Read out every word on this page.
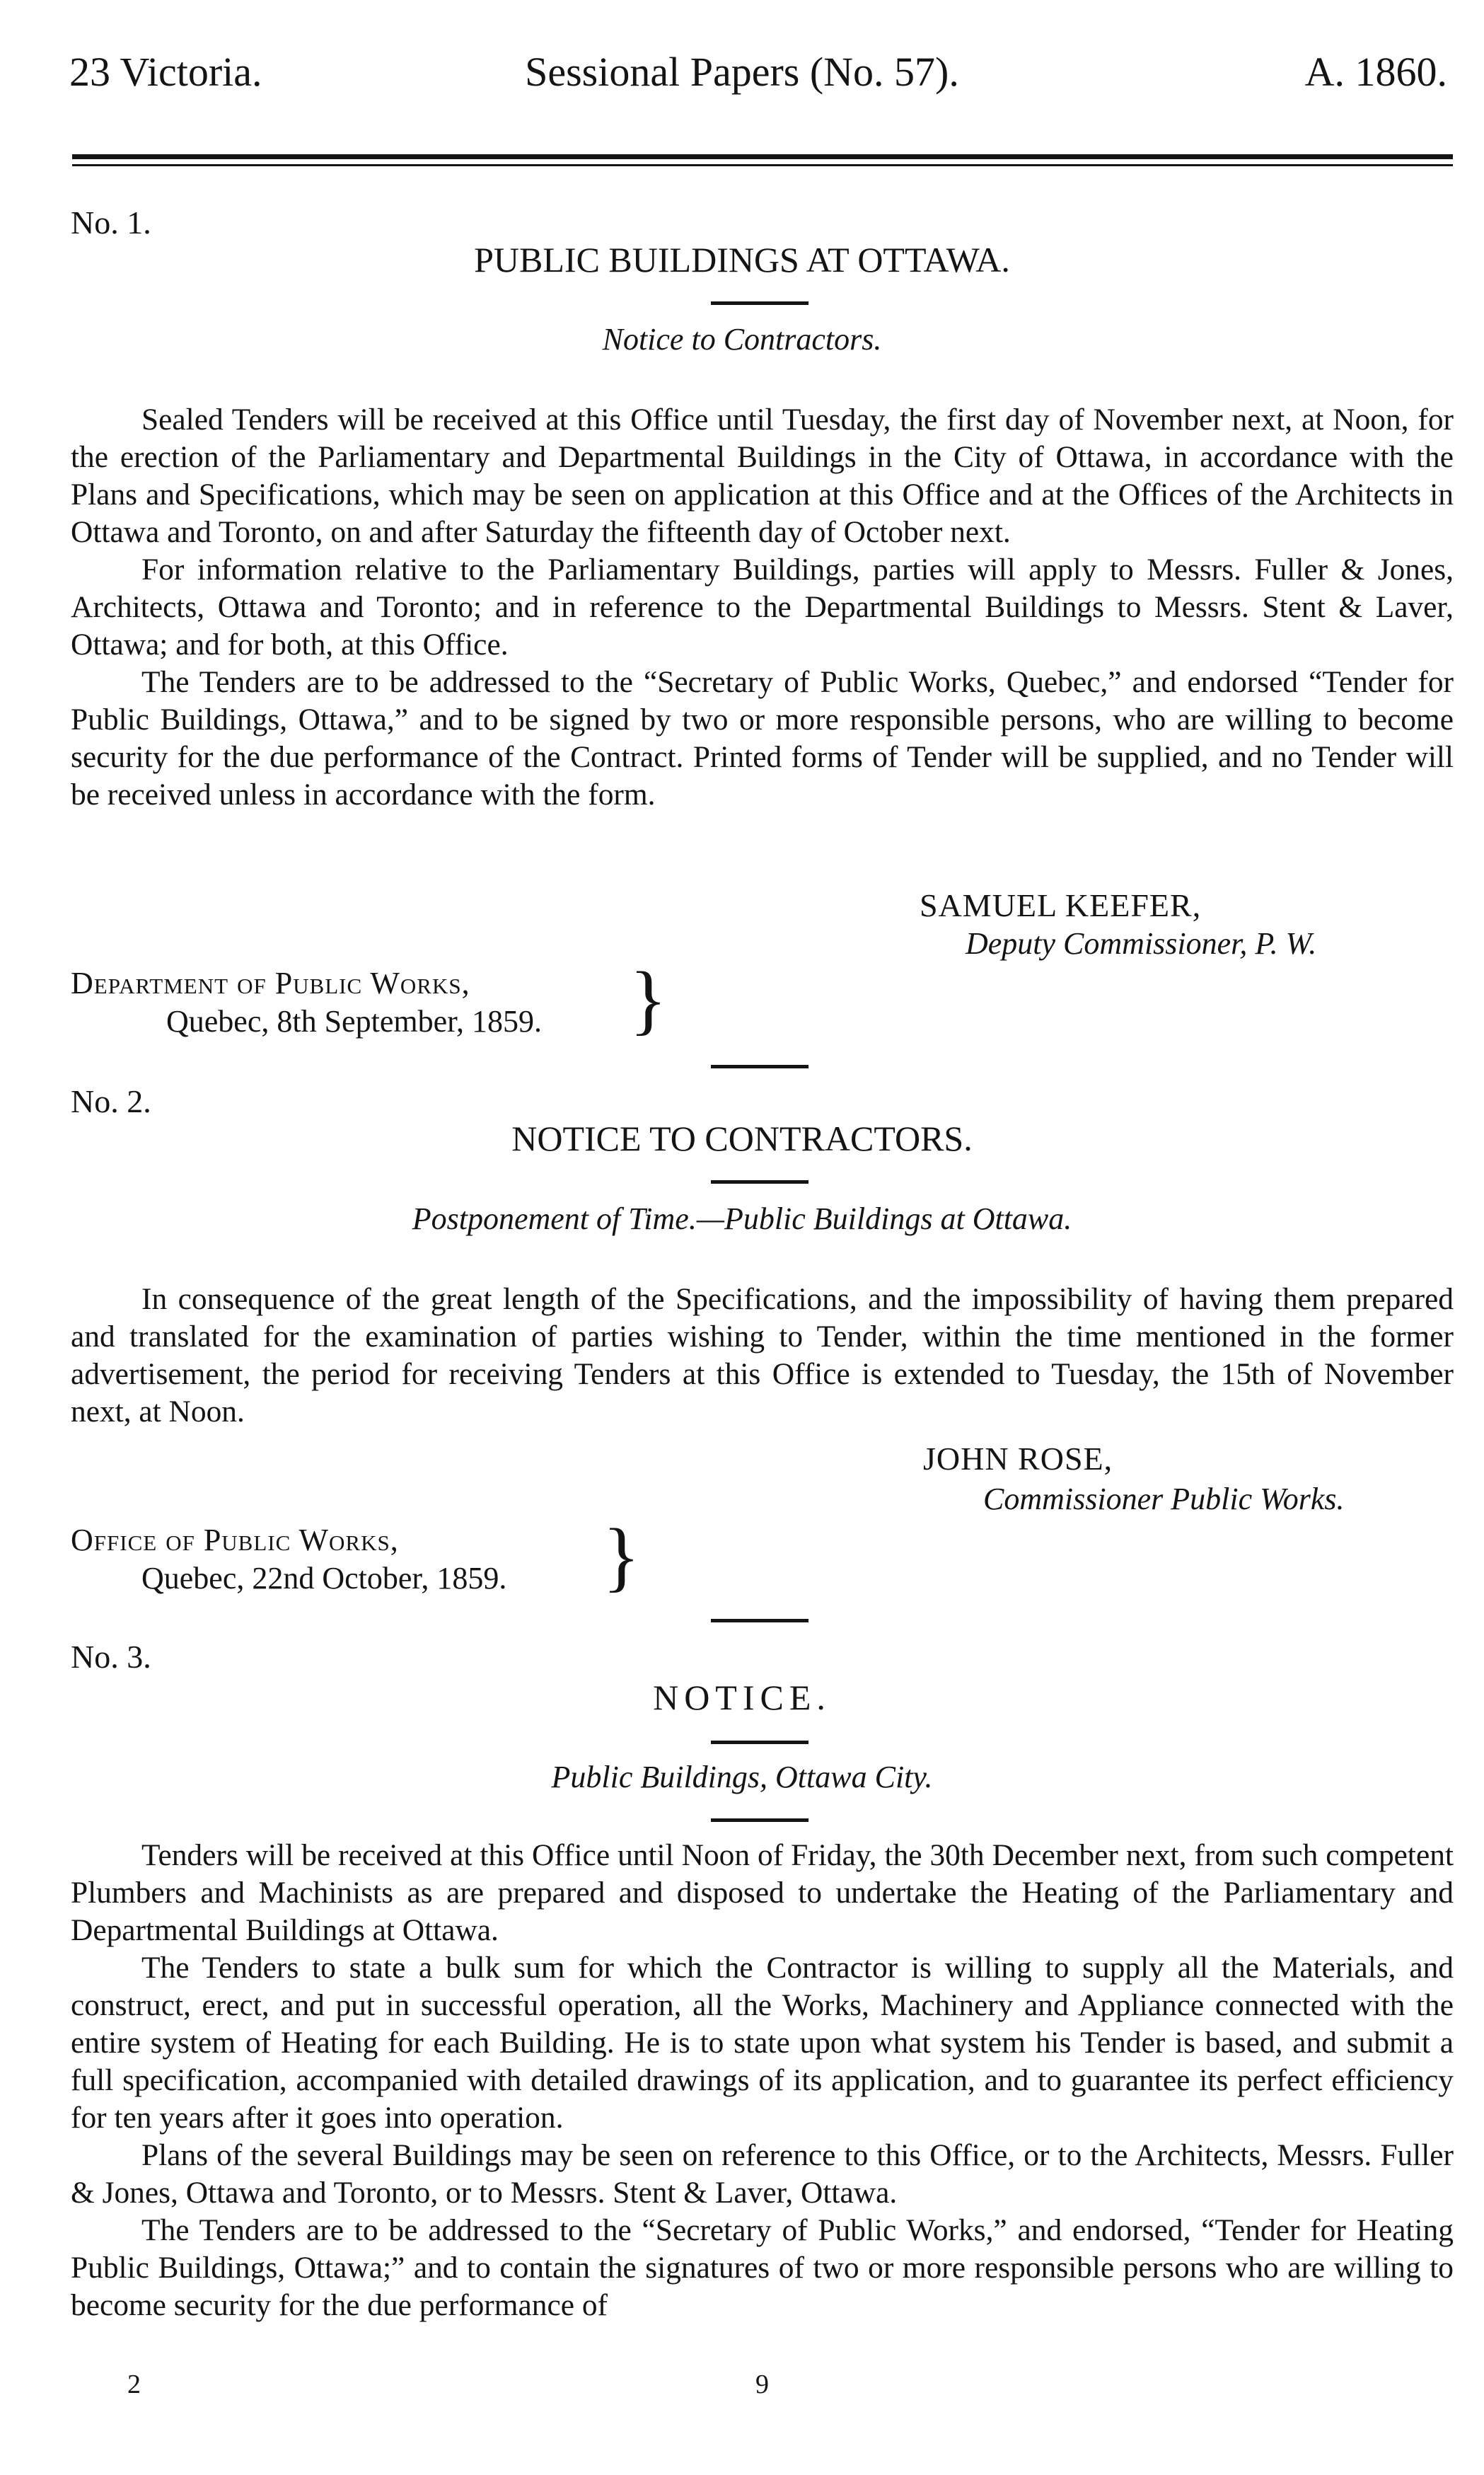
23 Victoria.	Sessional Papers (No. 57).	A. 1860.
No. 1.
PUBLIC BUILDINGS AT OTTAWA.
Notice to Contractors.

Sealed Tenders will be received at this Office until Tuesday, the first day of November next, at Noon, for the erection of the Parliamentary and Departmental Buildings in the City of Ottawa, in accordance with the Plans and Specifications, which may be seen on application at this Office and at the Offices of the Architects in Ottawa and Toronto, on and after Saturday the fifteenth day of October next.

For information relative to the Parliamentary Buildings, parties will apply to Messrs. Fuller & Jones, Architects, Ottawa and Toronto; and in reference to the Departmental Buildings to Messrs. Stent & Laver, Ottawa; and for both, at this Office.

The Tenders are to be addressed to the “Secretary of Public Works, Quebec,” and endorsed “Tender for Public Buildings, Ottawa,” and to be signed by two or more responsible persons, who are willing to become security for the due performance of the Contract. Printed forms of Tender will be supplied, and no Tender will be received unless in accordance with the form.

SAMUEL KEEFER,
Deputy Commissioner, P. W.
Department of Public Works,
Quebec, 8th September, 1859. }
No. 2.
NOTICE TO CONTRACTORS.
Postponement of Time.—Public Buildings at Ottawa.

In consequence of the great length of the Specifications, and the impossibility of having them prepared and translated for the examination of parties wishing to Tender, within the time mentioned in the former advertisement, the period for receiving Tenders at this Office is extended to Tuesday, the 15th of November next, at Noon.

JOHN ROSE,
Commissioner Public Works.
Office of Public Works,
Quebec, 22nd October, 1859. }
No. 3.
NOTICE.
Public Buildings, Ottawa City.

Tenders will be received at this Office until Noon of Friday, the 30th December next, from such competent Plumbers and Machinists as are prepared and disposed to undertake the Heating of the Parliamentary and Departmental Buildings at Ottawa.

The Tenders to state a bulk sum for which the Contractor is willing to supply all the Materials, and construct, erect, and put in successful operation, all the Works, Machinery and Appliance connected with the entire system of Heating for each Building. He is to state upon what system his Tender is based, and submit a full specification, accompanied with detailed drawings of its application, and to guarantee its perfect efficiency for ten years after it goes into operation.

Plans of the several Buildings may be seen on reference to this Office, or to the Architects, Messrs. Fuller & Jones, Ottawa and Toronto, or to Messrs. Stent & Laver, Ottawa.

The Tenders are to be addressed to the “Secretary of Public Works,” and endorsed, “Tender for Heating Public Buildings, Ottawa;” and to contain the signatures of two or more responsible persons who are willing to become security for the due performance of

2	9
